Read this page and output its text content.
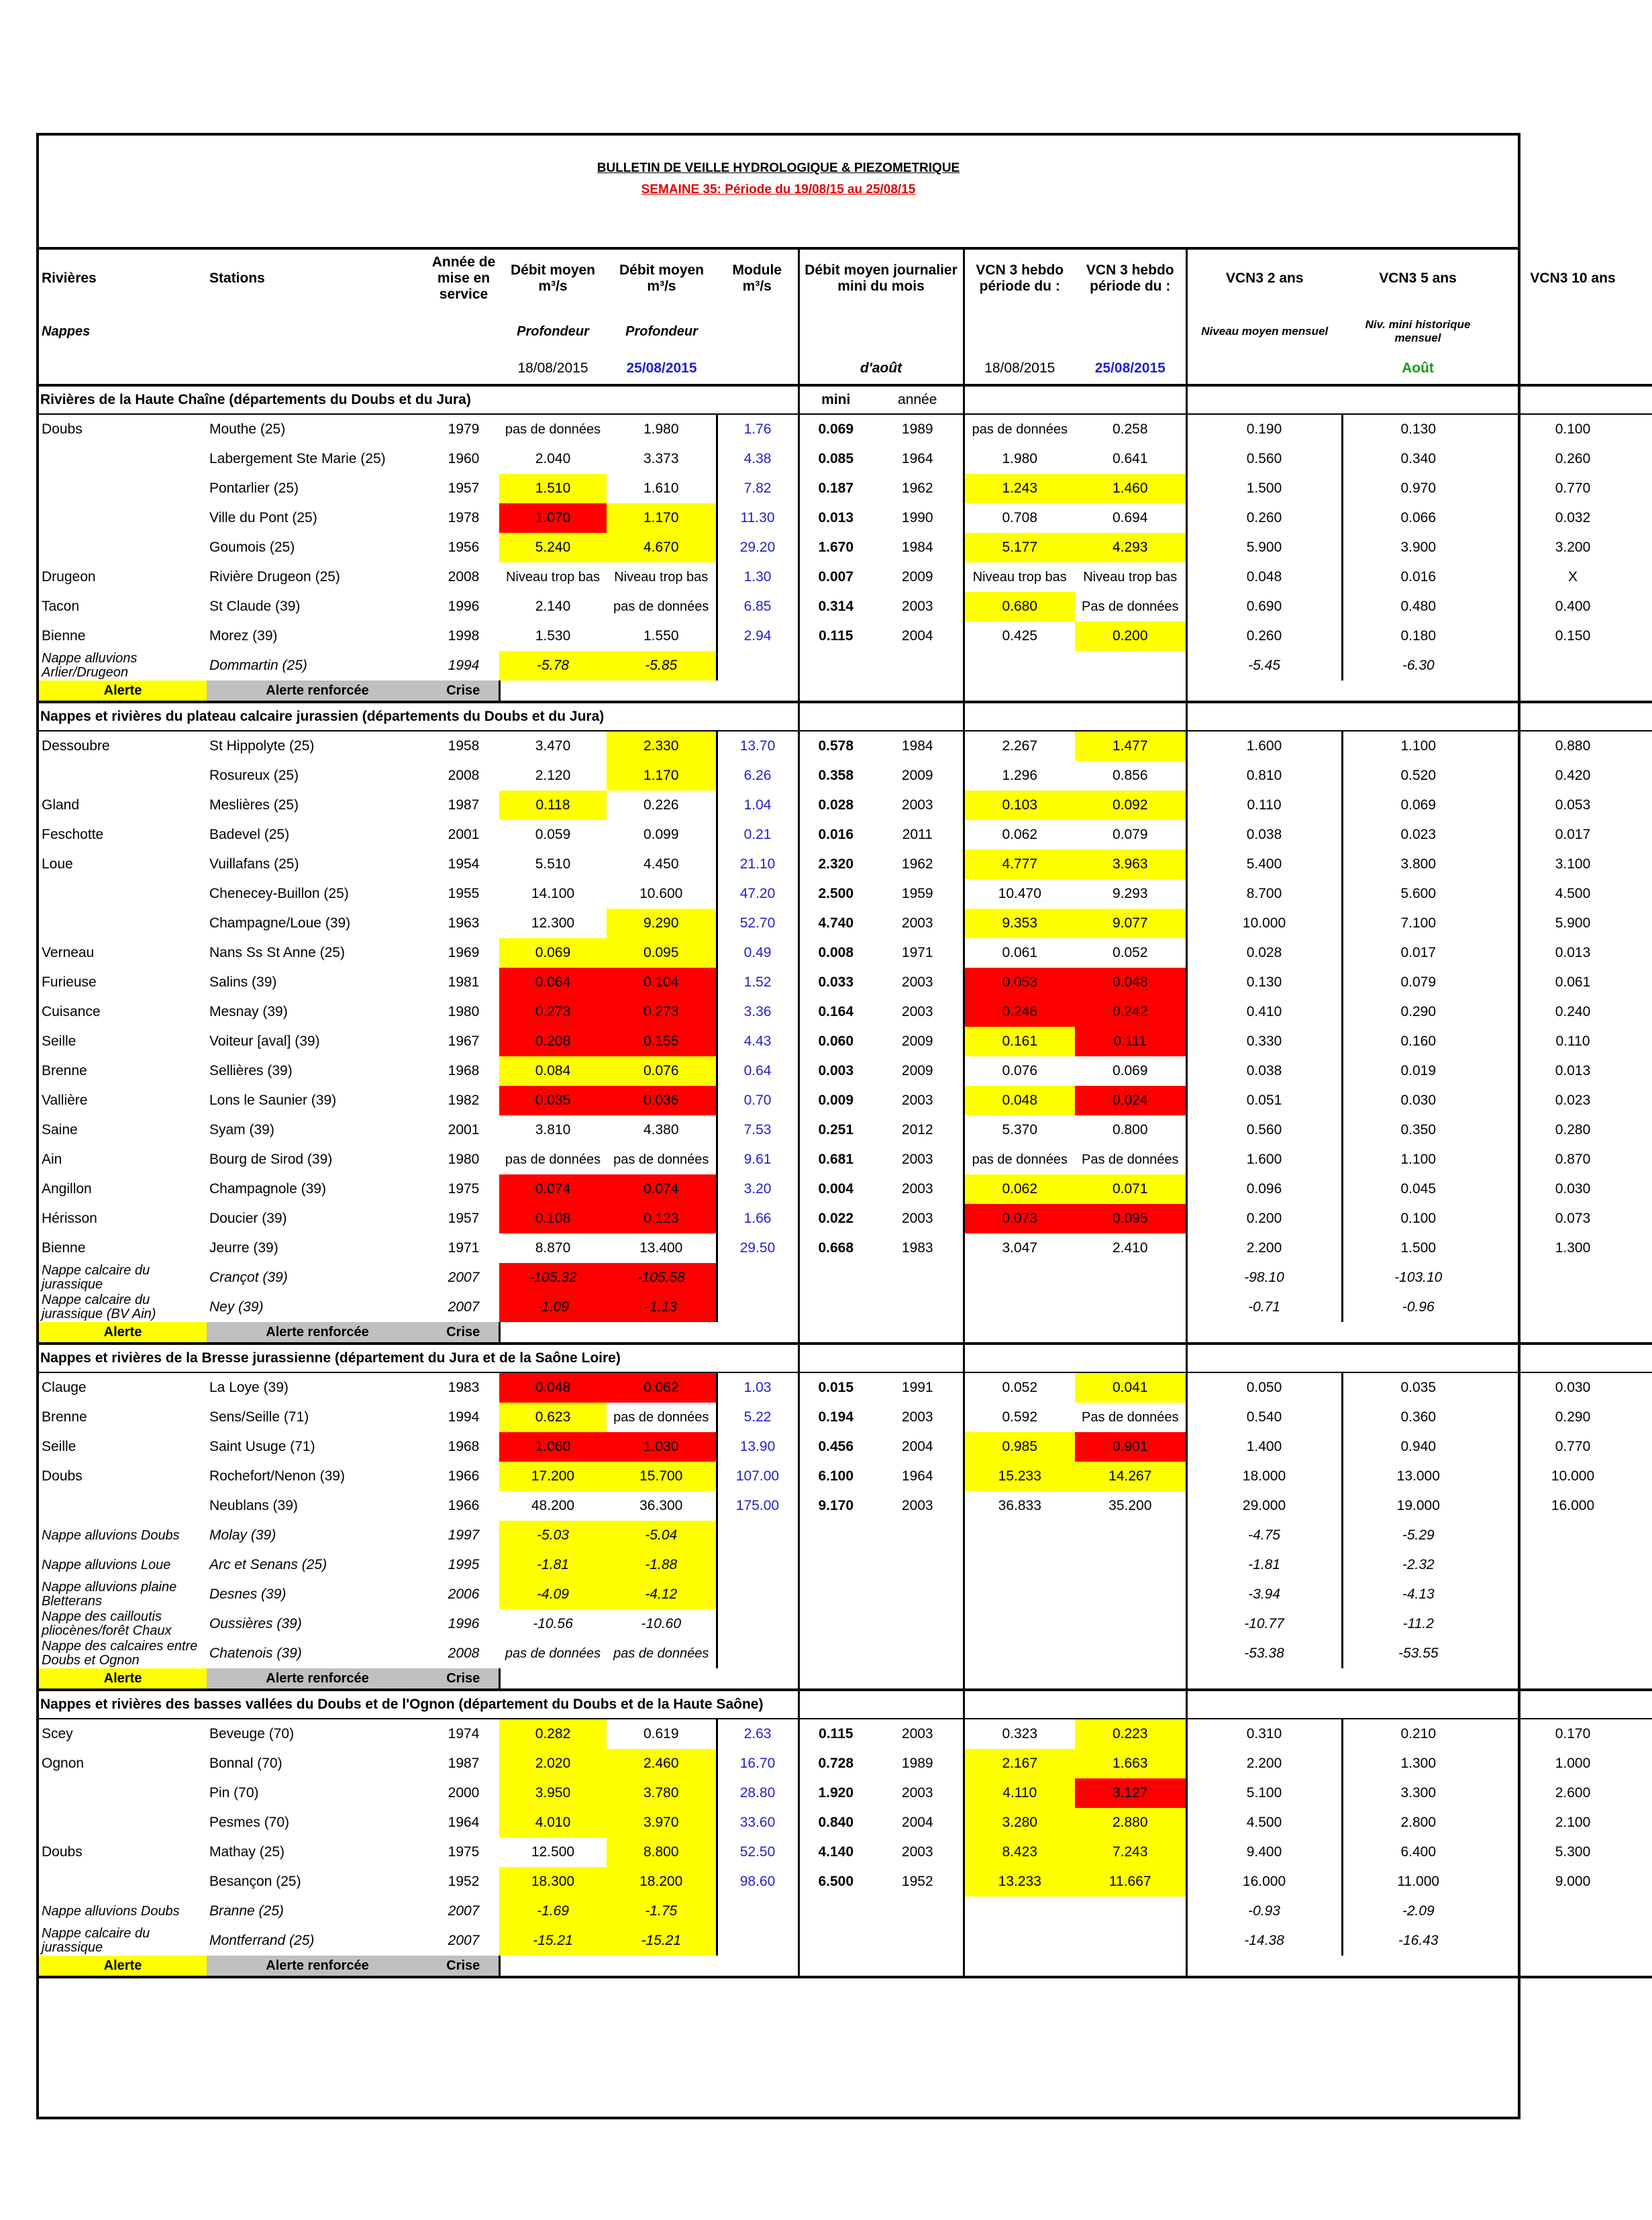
BULLETIN DE VEILLE HYDROLOGIQUE & PIEZOMETRIQUE
SEMAINE 35: Période du 19/08/15 au 25/08/15
Rivières	Stations	Année de mise en service	Débit moyen m³/s	Débit moyen m³/s	Module m³/s	Débit moyen journalier mini du mois		VCN 3 hebdo période du :	VCN 3 hebdo période du :	VCN3 2 ans	VCN3 5 ans	VCN3 10 ans
Nappes			Profondeur	Profondeur						Niveau moyen mensuel	Niv. mini historique mensuel	
			18/08/2015	25/08/2015		d'août		18/08/2015	25/08/2015		Août	
Rivières de la Haute Chaîne (départements du Doubs et du Jura)						mini	année					
Doubs	Mouthe (25)	1979	pas de données	1.980	1.76	0.069	1989	pas de données	0.258	0.190	0.130	0.100
	Labergement Ste Marie (25)	1960	2.040	3.373	4.38	0.085	1964	1.980	0.641	0.560	0.340	0.260
	Pontarlier (25)	1957	1.510	1.610	7.82	0.187	1962	1.243	1.460	1.500	0.970	0.770
	Ville du Pont (25)	1978	1.070	1.170	11.30	0.013	1990	0.708	0.694	0.260	0.066	0.032
	Goumois (25)	1956	5.240	4.670	29.20	1.670	1984	5.177	4.293	5.900	3.900	3.200
Drugeon	Rivière Drugeon (25)	2008	Niveau trop bas	Niveau trop bas	1.30	0.007	2009	Niveau trop bas	Niveau trop bas	0.048	0.016	X
Tacon	St Claude (39)	1996	2.140	pas de données	6.85	0.314	2003	0.680	Pas de données	0.690	0.480	0.400
Bienne	Morez (39)	1998	1.530	1.550	2.94	0.115	2004	0.425	0.200	0.260	0.180	0.150
Nappe alluvions Arlier/Drugeon	Dommartin (25)	1994	-5.78	-5.85						-5.45	-6.30	
Alerte	Alerte renforcée	Crise										
Nappes et rivières du plateau calcaire jurassien (départements du Doubs et du Jura)												
Dessoubre	St Hippolyte (25)	1958	3.470	2.330	13.70	0.578	1984	2.267	1.477	1.600	1.100	0.880
	Rosureux (25)	2008	2.120	1.170	6.26	0.358	2009	1.296	0.856	0.810	0.520	0.420
Gland	Meslières (25)	1987	0.118	0.226	1.04	0.028	2003	0.103	0.092	0.110	0.069	0.053
Feschotte	Badevel (25)	2001	0.059	0.099	0.21	0.016	2011	0.062	0.079	0.038	0.023	0.017
Loue	Vuillafans (25)	1954	5.510	4.450	21.10	2.320	1962	4.777	3.963	5.400	3.800	3.100
	Chenecey-Buillon (25)	1955	14.100	10.600	47.20	2.500	1959	10.470	9.293	8.700	5.600	4.500
	Champagne/Loue (39)	1963	12.300	9.290	52.70	4.740	2003	9.353	9.077	10.000	7.100	5.900
Verneau	Nans Ss St Anne (25)	1969	0.069	0.095	0.49	0.008	1971	0.061	0.052	0.028	0.017	0.013
Furieuse	Salins (39)	1981	0.064	0.104	1.52	0.033	2003	0.053	0.048	0.130	0.079	0.061
Cuisance	Mesnay (39)	1980	0.273	0.273	3.36	0.164	2003	0.246	0.242	0.410	0.290	0.240
Seille	Voiteur [aval] (39)	1967	0.208	0.155	4.43	0.060	2009	0.161	0.111	0.330	0.160	0.110
Brenne	Sellières (39)	1968	0.084	0.076	0.64	0.003	2009	0.076	0.069	0.038	0.019	0.013
Vallière	Lons le Saunier (39)	1982	0.035	0.036	0.70	0.009	2003	0.048	0.024	0.051	0.030	0.023
Saine	Syam (39)	2001	3.810	4.380	7.53	0.251	2012	5.370	0.800	0.560	0.350	0.280
Ain	Bourg de Sirod (39)	1980	pas de données	pas de données	9.61	0.681	2003	pas de données	Pas de données	1.600	1.100	0.870
Angillon	Champagnole (39)	1975	0.074	0.074	3.20	0.004	2003	0.062	0.071	0.096	0.045	0.030
Hérisson	Doucier (39)	1957	0.108	0.123	1.66	0.022	2003	0.073	0.095	0.200	0.100	0.073
Bienne	Jeurre (39)	1971	8.870	13.400	29.50	0.668	1983	3.047	2.410	2.200	1.500	1.300
Nappe calcaire du jurassique	Crançot (39)	2007	-105.32	-105.58						-98.10	-103.10	
Nappe calcaire du jurassique (BV Ain)	Ney (39)	2007	-1.09	-1.13						-0.71	-0.96	
Alerte	Alerte renforcée	Crise										
Nappes et rivières de la Bresse jurassienne (département du Jura et de la Saône Loire)												
Clauge	La Loye (39)	1983	0.048	0.062	1.03	0.015	1991	0.052	0.041	0.050	0.035	0.030
Brenne	Sens/Seille (71)	1994	0.623	pas de données	5.22	0.194	2003	0.592	Pas de données	0.540	0.360	0.290
Seille	Saint Usuge (71)	1968	1.060	1.030	13.90	0.456	2004	0.985	0.901	1.400	0.940	0.770
Doubs	Rochefort/Nenon (39)	1966	17.200	15.700	107.00	6.100	1964	15.233	14.267	18.000	13.000	10.000
	Neublans (39)	1966	48.200	36.300	175.00	9.170	2003	36.833	35.200	29.000	19.000	16.000
Nappe alluvions Doubs	Molay (39)	1997	-5.03	-5.04						-4.75	-5.29	
Nappe alluvions Loue	Arc et Senans (25)	1995	-1.81	-1.88						-1.81	-2.32	
Nappe alluvions plaine Bletterans	Desnes (39)	2006	-4.09	-4.12						-3.94	-4.13	
Nappe des cailloutis pliocènes/forêt Chaux	Oussières (39)	1996	-10.56	-10.60						-10.77	-11.2	
Nappe des calcaires entre Doubs et Ognon	Chatenois (39)	2008	pas de données	pas de données						-53.38	-53.55	
Alerte	Alerte renforcée	Crise										
Nappes et rivières des basses vallées du Doubs et de l'Ognon (département du Doubs et de la Haute Saône)												
Scey	Beveuge (70)	1974	0.282	0.619	2.63	0.115	2003	0.323	0.223	0.310	0.210	0.170
Ognon	Bonnal (70)	1987	2.020	2.460	16.70	0.728	1989	2.167	1.663	2.200	1.300	1.000
	Pin (70)	2000	3.950	3.780	28.80	1.920	2003	4.110	3.127	5.100	3.300	2.600
	Pesmes (70)	1964	4.010	3.970	33.60	0.840	2004	3.280	2.880	4.500	2.800	2.100
Doubs	Mathay (25)	1975	12.500	8.800	52.50	4.140	2003	8.423	7.243	9.400	6.400	5.300
	Besançon (25)	1952	18.300	18.200	98.60	6.500	1952	13.233	11.667	16.000	11.000	9.000
Nappe alluvions Doubs	Branne (25)	2007	-1.69	-1.75						-0.93	-2.09	
Nappe calcaire du jurassique	Montferrand (25)	2007	-15.21	-15.21						-14.38	-16.43	
Alerte	Alerte renforcée	Crise										
